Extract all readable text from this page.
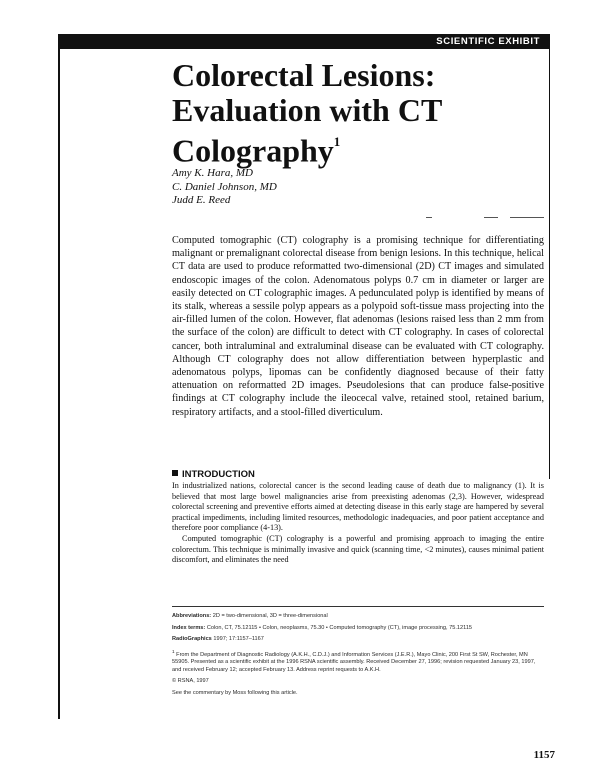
SCIENTIFIC EXHIBIT
Colorectal Lesions:
Evaluation with CT
Colography$^1$
Amy K. Hara, MD
C. Daniel Johnson, MD
Judd E. Reed

Computed tomographic (CT) colography is a promising technique for differentiating malignant or premalignant colorectal disease from benign lesions. In this technique, helical CT data are used to produce reformatted two-dimensional (2D) CT images and simulated endoscopic images of the colon. Adenomatous polyps 0.7 cm in diameter or larger are easily detected on CT colographic images. A pedunculated polyp is identified by means of its stalk, whereas a sessile polyp appears as a polypoid soft-tissue mass projecting into the air-filled lumen of the colon. However, flat adenomas (lesions raised less than 2 mm from the surface of the colon) are difficult to detect with CT colography. In cases of colorectal cancer, both intraluminal and extraluminal disease can be evaluated with CT colography. Although CT colography does not allow differentiation between hyperplastic and adenomatous polyps, lipomas can be confidently diagnosed because of their fatty attenuation on reformatted 2D images. Pseudolesions that can produce false-positive findings at CT colography include the ileocecal valve, retained stool, retained barium, respiratory artifacts, and a stool-filled diverticulum.

INTRODUCTION

In industrialized nations, colorectal cancer is the second leading cause of death due to malignancy (1). It is believed that most large bowel malignancies arise from preexisting adenomas (2,3). However, widespread colorectal screening and preventive efforts aimed at detecting disease in this early stage are hampered by several practical impediments, including limited resources, methodologic inadequacies, and poor patient acceptance and therefore poor compliance (4-13).

Computed tomographic (CT) colography is a powerful and promising approach to imaging the entire colorectum. This technique is minimally invasive and quick (scanning time, <2 minutes), causes minimal patient discomfort, and eliminates the need

Abbreviations: 2D = two-dimensional, 3D = three-dimensional

Index terms: Colon, CT, 75.12115 • Colon, neoplasms, 75.30 • Computed tomography (CT), image processing, 75.12115

RadioGraphics 1997; 17:1157–1167

$^1$ From the Department of Diagnostic Radiology (A.K.H., C.D.J.) and Information Services (J.E.R.), Mayo Clinic, 200 First St SW, Rochester, MN 55905. Presented as a scientific exhibit at the 1996 RSNA scientific assembly. Received December 27, 1996; revision requested January 23, 1997, and received February 12; accepted February 13. Address reprint requests to A.K.H.

© RSNA, 1997

See the commentary by Moss following this article.

1157
